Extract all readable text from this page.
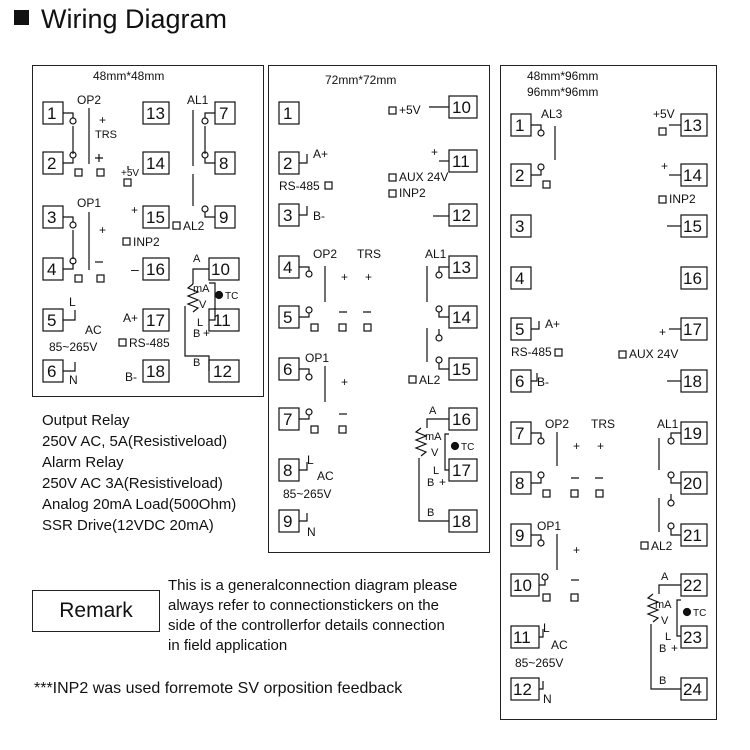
Wiring Diagram
48mm*48mm
1
2
3
4
5
6
13
14
15
16
17
18
7
8
9
10
11
12
OP2
+
TRS
+5V
OP1
+
+
–
INP2
L
AC
85~265V
N
A+
RS-485
B-
AL1
AL2
A
mA
V
TC
L
B +
B
72mm*72mm
1
2
3
4
5
6
7
8
9
10
11
12
13
14
15
16
17
18
+5V
A+
RS-485
B-
+
AUX 24V
INP2
OP2 TRS
+ +
OP1
+
AL1
AL2
A
mA
V TC
L
B +
B
L
AC
85~265V
N
48mm*96mm
96mm*96mm
1
2
3
4
5
6
7
8
9
10
11
12
13
14
15
16
17
18
19
20
21
22
23
24
AL3	+5V
+
INP2
A+
RS-485
B-
+
AUX 24V
OP2 TRS
+ +
OP1
+
AL1
AL2
A
mA
V
TC
L
B +
B
L
AC
85~265V
N
Output Relay
250V AC, 5A(Resistiveload)
Alarm Relay
250V AC 3A(Resistiveload)
Analog 20mA Load(500Ohm)
SSR Drive(12VDC 20mA)
Remark
This is a generalconnection diagram please
always refer to connectionstickers on the
side of the controllerfor details connection
in field application
***INP2 was used forremote SV orposition feedback
